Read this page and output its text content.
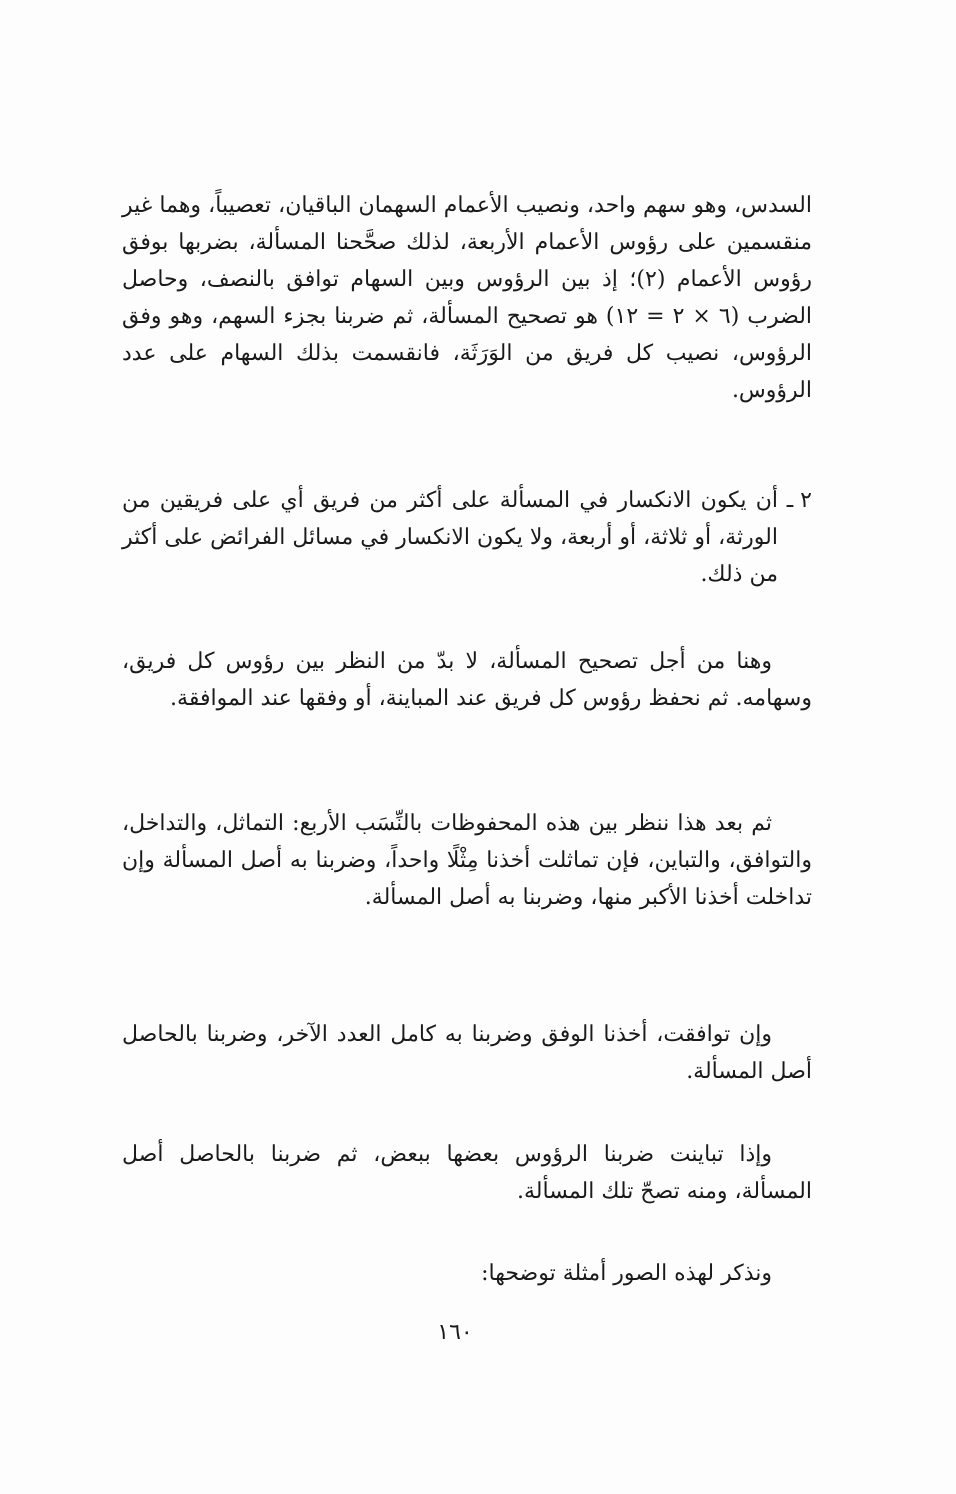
السدس، وهو سهم واحد، ونصيب الأعمام السهمان الباقيان، تعصيباً، وهما غير منقسمين على رؤوس الأعمام الأربعة، لذلك صحَّحنا المسألة، بضربها بوفق رؤوس الأعمام (٢)؛ إذ بين الرؤوس وبين السهام توافق بالنصف، وحاصل الضرب (٦ × ٢ = ١٢) هو تصحيح المسألة، ثم ضربنا بجزء السهم، وهو وفق الرؤوس، نصيب كل فريق من الوَرَثَة، فانقسمت بذلك السهام على عدد الرؤوس.

٢ ـ
أن يكون الانكسار في المسألة على أكثر من فريق أي على فريقين من الورثة، أو ثلاثة، أو أربعة، ولا يكون الانكسار في مسائل الفرائض على أكثر من ذلك.

وهنا من أجل تصحيح المسألة، لا بدّ من النظر بين رؤوس كل فريق، وسهامه. ثم نحفظ رؤوس كل فريق عند المباينة، أو وفقها عند الموافقة.

ثم بعد هذا ننظر بين هذه المحفوظات بالنِّسَب الأربع: التماثل، والتداخل، والتوافق، والتباين، فإن تماثلت أخذنا مِثْلًا واحداً، وضربنا به أصل المسألة وإن تداخلت أخذنا الأكبر منها، وضربنا به أصل المسألة.

وإن توافقت، أخذنا الوفق وضربنا به كامل العدد الآخر، وضربنا بالحاصل أصل المسألة.

وإذا تباينت ضربنا الرؤوس بعضها ببعض، ثم ضربنا بالحاصل أصل المسألة، ومنه تصحّ تلك المسألة.

ونذكر لهذه الصور أمثلة توضحها:

١٦٠
